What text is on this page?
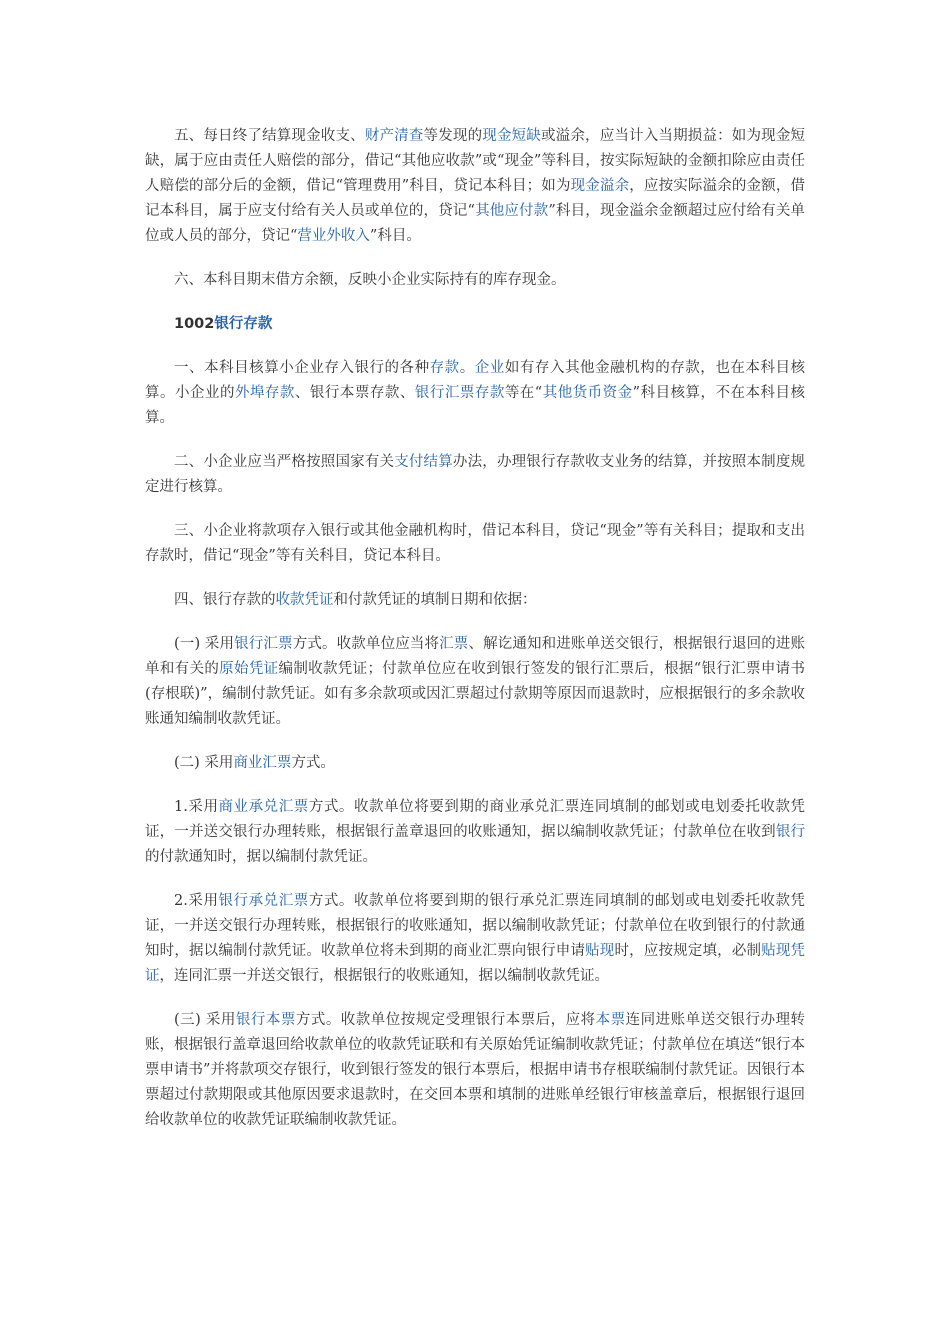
五、每日终了结算现金收支、财产清查等发现的现金短缺或溢余，应当计入当期损益：如为现金短缺，属于应由责任人赔偿的部分，借记“其他应收款”或“现金”等科目，按实际短缺的金额扣除应由责任人赔偿的部分后的金额，借记“管理费用”科目，贷记本科目；如为现金溢余，应按实际溢余的金额，借记本科目，属于应支付给有关人员或单位的，贷记“其他应付款”科目，现金溢余金额超过应付给有关单位或人员的部分，贷记“营业外收入”科目。

六、本科目期末借方余额，反映小企业实际持有的库存现金。

1002银行存款

一、本科目核算小企业存入银行的各种存款。企业如有存入其他金融机构的存款，也在本科目核算。小企业的外埠存款、银行本票存款、银行汇票存款等在“其他货币资金”科目核算，不在本科目核算。

二、小企业应当严格按照国家有关支付结算办法，办理银行存款收支业务的结算，并按照本制度规定进行核算。

三、小企业将款项存入银行或其他金融机构时，借记本科目，贷记“现金”等有关科目；提取和支出存款时，借记“现金”等有关科目，贷记本科目。

四、银行存款的收款凭证和付款凭证的填制日期和依据：

(一) 采用银行汇票方式。收款单位应当将汇票、解讫通知和进账单送交银行，根据银行退回的进账单和有关的原始凭证编制收款凭证；付款单位应在收到银行签发的银行汇票后，根据“银行汇票申请书(存根联)”，编制付款凭证。如有多余款项或因汇票超过付款期等原因而退款时，应根据银行的多余款收账通知编制收款凭证。

(二) 采用商业汇票方式。

1.采用商业承兑汇票方式。收款单位将要到期的商业承兑汇票连同填制的邮划或电划委托收款凭证，一并送交银行办理转账，根据银行盖章退回的收账通知，据以编制收款凭证；付款单位在收到银行的付款通知时，据以编制付款凭证。

2.采用银行承兑汇票方式。收款单位将要到期的银行承兑汇票连同填制的邮划或电划委托收款凭证，一并送交银行办理转账，根据银行的收账通知，据以编制收款凭证；付款单位在收到银行的付款通知时，据以编制付款凭证。收款单位将未到期的商业汇票向银行申请贴现时，应按规定填，必制贴现凭证，连同汇票一并送交银行，根据银行的收账通知，据以编制收款凭证。

(三) 采用银行本票方式。收款单位按规定受理银行本票后，应将本票连同进账单送交银行办理转账，根据银行盖章退回给收款单位的收款凭证联和有关原始凭证编制收款凭证；付款单位在填送“银行本票申请书”并将款项交存银行，收到银行签发的银行本票后，根据申请书存根联编制付款凭证。因银行本票超过付款期限或其他原因要求退款时，在交回本票和填制的进账单经银行审核盖章后，根据银行退回给收款单位的收款凭证联编制收款凭证。
